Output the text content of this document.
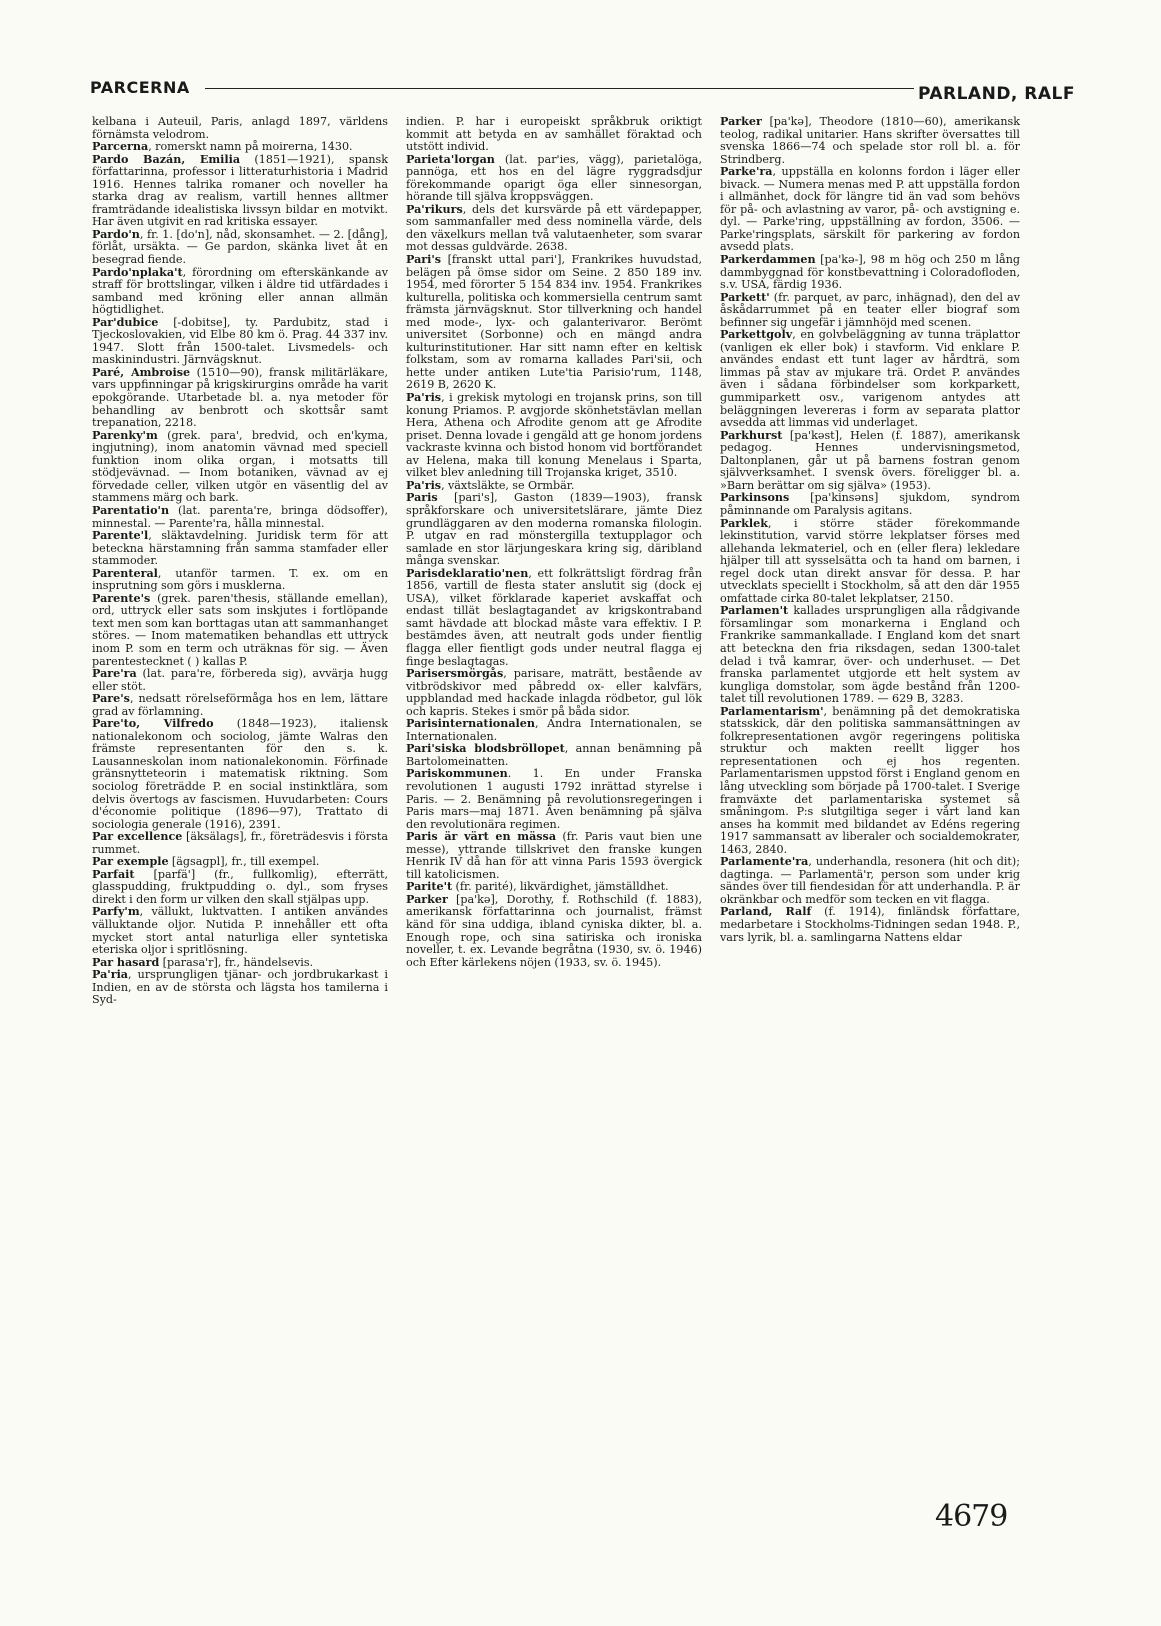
PARCERNA	PARLAND, RALF

kelbana i Auteuil, Paris, anlagd 1897, världens förnämsta velodrom.

Parcerna, romerskt namn på moirerna, 1430.

Pardo Bazán, Emilia (1851—1921), spansk författarinna, professor i litteraturhistoria i Madrid 1916. Hennes talrika romaner och noveller ha starka drag av realism, vartill hennes alltmer framträdande idealistiska livssyn bildar en motvikt. Har även utgivit en rad kritiska essayer.

Pardo'n, fr. 1. [do'n], nåd, skonsamhet. — 2. [dånɡ], förlåt, ursäkta. — Ge pardon, skänka livet åt en besegrad fiende.

Pardo'nplaka't, förordning om efterskänkande av straff för brottslingar, vilken i äldre tid utfärdades i samband med kröning eller annan allmän högtidlighet.

Par'dubice [-dobitse], ty. Pardubitz, stad i Tjeckoslovakien, vid Elbe 80 km ö. Prag. 44 337 inv. 1947. Slott från 1500-talet. Livsmedels- och maskinindustri. Järnvägsknut.

Paré, Ambroise (1510—90), fransk militärläkare, vars uppfinningar på krigskirurgins område ha varit epokgörande. Utarbetade bl. a. nya metoder för behandling av benbrott och skottsår samt trepanation, 2218.

Parenky'm (grek. para', bredvid, och en'kyma, ingjutning), inom anatomin vävnad med speciell funktion inom olika organ, i motsatts till stödjevävnad. — Inom botaniken, vävnad av ej förvedade celler, vilken utgör en väsentlig del av stammens märg och bark.

Parentatio'n (lat. parenta're, bringa dödsoffer), minnestal. — Parente'ra, hålla minnestal.

Parente'l, släktavdelning. Juridisk term för att beteckna härstamning från samma stamfader eller stammoder.

Parenteral, utanför tarmen. T. ex. om en insprutning som görs i musklerna.

Parente's (grek. paren'thesis, ställande emellan), ord, uttryck eller sats som inskjutes i fortlöpande text men som kan borttagas utan att sammanhanget störes. — Inom matematiken behandlas ett uttryck inom P. som en term och uträknas för sig. — Även parentestecknet ( ) kallas P.

Pare'ra (lat. para're, förbereda sig), avvärja hugg eller stöt.

Pare's, nedsatt rörelseförmåga hos en lem, lättare grad av förlamning.

Pare'to, Vilfredo (1848—1923), italiensk nationalekonom och sociolog, jämte Walras den främste representanten för den s. k. Lausanneskolan inom nationalekonomin. Förfinade gränsnytteteorin i matematisk riktning. Som sociolog företrädde P. en social instinktlära, som delvis övertogs av fascismen. Huvudarbeten: Cours d'économie politique (1896—97), Trattato di sociologia generale (1916), 2391.

Par excellence [äksälaɡs], fr., företrädesvis i första rummet.

Par exemple [ägsaɡpl], fr., till exempel.

Parfait [parfä'] (fr., fullkomlig), efterrätt, glasspudding, fruktpudding o. dyl., som fryses direkt i den form ur vilken den skall stjälpas upp.

Parfy'm, vällukt, luktvatten. I antiken användes välluktande oljor. Nutida P. innehåller ett ofta mycket stort antal naturliga eller syntetiska eteriska oljor i spritlösning.

Par hasard [parasa'r], fr., händelsevis.

Pa'ria, ursprungligen tjänar- och jordbrukarkast i Indien, en av de största och lägsta hos tamilerna i Syd-

indien. P. har i europeiskt språkbruk oriktigt kommit att betyda en av samhället föraktad och utstött individ.

Parieta'lorgan (lat. par'ies, vägg), parietalöga, pannöga, ett hos en del lägre ryggradsdjur förekommande oparigt öga eller sinnesorgan, hörande till själva kroppsväggen.

Pa'rikurs, dels det kursvärde på ett värdepapper, som sammanfaller med dess nominella värde, dels den växelkurs mellan två valutaenheter, som svarar mot dessas guldvärde. 2638.

Pari's [franskt uttal pari'], Frankrikes huvudstad, belägen på ömse sidor om Seine. 2 850 189 inv. 1954, med förorter 5 154 834 inv. 1954. Frankrikes kulturella, politiska och kommersiella centrum samt främsta järnvägsknut. Stor tillverkning och handel med mode-, lyx- och galanterivaror. Berömt universitet (Sorbonne) och en mängd andra kulturinstitutioner. Har sitt namn efter en keltisk folkstam, som av romarna kallades Pari'sii, och hette under antiken Lute'tia Parisio'rum, 1148, 2619 B, 2620 K.

Pa'ris, i grekisk mytologi en trojansk prins, son till konung Priamos. P. avgjorde skönhetstävlan mellan Hera, Athena och Afrodite genom att ge Afrodite priset. Denna lovade i gengäld att ge honom jordens vackraste kvinna och bistod honom vid bortförandet av Helena, maka till konung Menelaus i Sparta, vilket blev anledning till Trojanska kriget, 3510.

Pa'ris, växtsläkte, se Ormbär.

Paris [pari's], Gaston (1839—1903), fransk språkforskare och universitetslärare, jämte Diez grundläggaren av den moderna romanska filologin. P. utgav en rad mönstergilla textupplagor och samlade en stor lärjungeskara kring sig, däribland många svenskar.

Parisdeklaratio'nen, ett folkrättsligt fördrag från 1856, vartill de flesta stater anslutit sig (dock ej USA), vilket förklarade kaperiet avskaffat och endast tillät beslagtagandet av krigskontraband samt hävdade att blockad måste vara effektiv. I P. bestämdes även, att neutralt gods under fientlig flagga eller fientligt gods under neutral flagga ej finge beslagtagas.

Parisersmörgås, parisare, maträtt, bestående av vitbrödskivor med påbredd ox- eller kalvfärs, uppblandad med hackade inlagda rödbetor, gul lök och kapris. Stekes i smör på båda sidor.

Parisinternationalen, Andra Internationalen, se Internationalen.

Pari'siska blodsbröllopet, annan benämning på Bartolomeinatten.

Pariskommunen. 1. En under Franska revolutionen 1 augusti 1792 inrättad styrelse i Paris. — 2. Benämning på revolutionsregeringen i Paris mars—maj 1871. Även benämning på själva den revolutionära regimen.

Paris är värt en mässa (fr. Paris vaut bien une messe), yttrande tillskrivet den franske kungen Henrik IV då han för att vinna Paris 1593 övergick till katolicismen.

Parite't (fr. parité), likvärdighet, jämställdhet.

Parker [pa'kə], Dorothy, f. Rothschild (f. 1883), amerikansk författarinna och journalist, främst känd för sina uddiga, ibland cyniska dikter, bl. a. Enough rope, och sina satiriska och ironiska noveller, t. ex. Levande begråtna (1930, sv. ö. 1946) och Efter kärlekens nöjen (1933, sv. ö. 1945).

Parker [pa'kə], Theodore (1810—60), amerikansk teolog, radikal unitarier. Hans skrifter översattes till svenska 1866—74 och spelade stor roll bl. a. för Strindberg.

Parke'ra, uppställa en kolonns fordon i läger eller bivack. — Numera menas med P. att uppställa fordon i allmänhet, dock för längre tid än vad som behövs för på- och avlastning av varor, på- och avstigning e. dyl. — Parke'ring, uppställning av fordon, 3506. — Parke'ringsplats, särskilt för parkering av fordon avsedd plats.

Parkerdammen [pa'kə-], 98 m hög och 250 m lång dammbyggnad för konstbevattning i Coloradofloden, s.v. USA, färdig 1936.

Parkett' (fr. parquet, av parc, inhägnad), den del av åskådarrummet på en teater eller biograf som befinner sig ungefär i jämnhöjd med scenen.

Parkettgolv, en golvbeläggning av tunna träplattor (vanligen ek eller bok) i stavform. Vid enklare P. användes endast ett tunt lager av hårdträ, som limmas på stav av mjukare trä. Ordet P. användes även i sådana förbindelser som korkparkett, gummiparkett osv., varigenom antydes att beläggningen levereras i form av separata plattor avsedda att limmas vid underlaget.

Parkhurst [pa'kəst], Helen (f. 1887), amerikansk pedagog. Hennes undervisningsmetod, Daltonplanen, går ut på barnens fostran genom självverksamhet. I svensk övers. föreligger bl. a. »Barn berättar om sig själva» (1953).

Parkinsons [pa'kinsəns] sjukdom, syndrom påminnande om Paralysis agitans.

Parklek, i större städer förekommande lekinstitution, varvid större lekplatser förses med allehanda lekmateriel, och en (eller flera) lekledare hjälper till att sysselsätta och ta hand om barnen, i regel dock utan direkt ansvar för dessa. P. har utvecklats speciellt i Stockholm, så att den där 1955 omfattade cirka 80-talet lekplatser, 2150.

Parlamen't kallades ursprungligen alla rådgivande församlingar som monarkerna i England och Frankrike sammankallade. I England kom det snart att beteckna den fria riksdagen, sedan 1300-talet delad i två kamrar, över- och underhuset. — Det franska parlamentet utgjorde ett helt system av kungliga domstolar, som ägde bestånd från 1200-talet till revolutionen 1789. — 629 B, 3283.

Parlamentarism', benämning på det demokratiska statsskick, där den politiska sammansättningen av folkrepresentationen avgör regeringens politiska struktur och makten reellt ligger hos representationen och ej hos regenten. Parlamentarismen uppstod först i England genom en lång utveckling som började på 1700-talet. I Sverige framväxte det parlamentariska systemet så småningom. P:s slutgiltiga seger i vårt land kan anses ha kommit med bildandet av Edéns regering 1917 sammansatt av liberaler och socialdemokrater, 1463, 2840.

Parlamente'ra, underhandla, resonera (hit och dit); dagtinga. — Parlamentä'r, person som under krig sändes över till fiendesidan för att underhandla. P. är okränkbar och medför som tecken en vit flagga.

Parland, Ralf (f. 1914), finländsk författare, medarbetare i Stockholms-Tidningen sedan 1948. P., vars lyrik, bl. a. samlingarna Nattens eldar

4679
